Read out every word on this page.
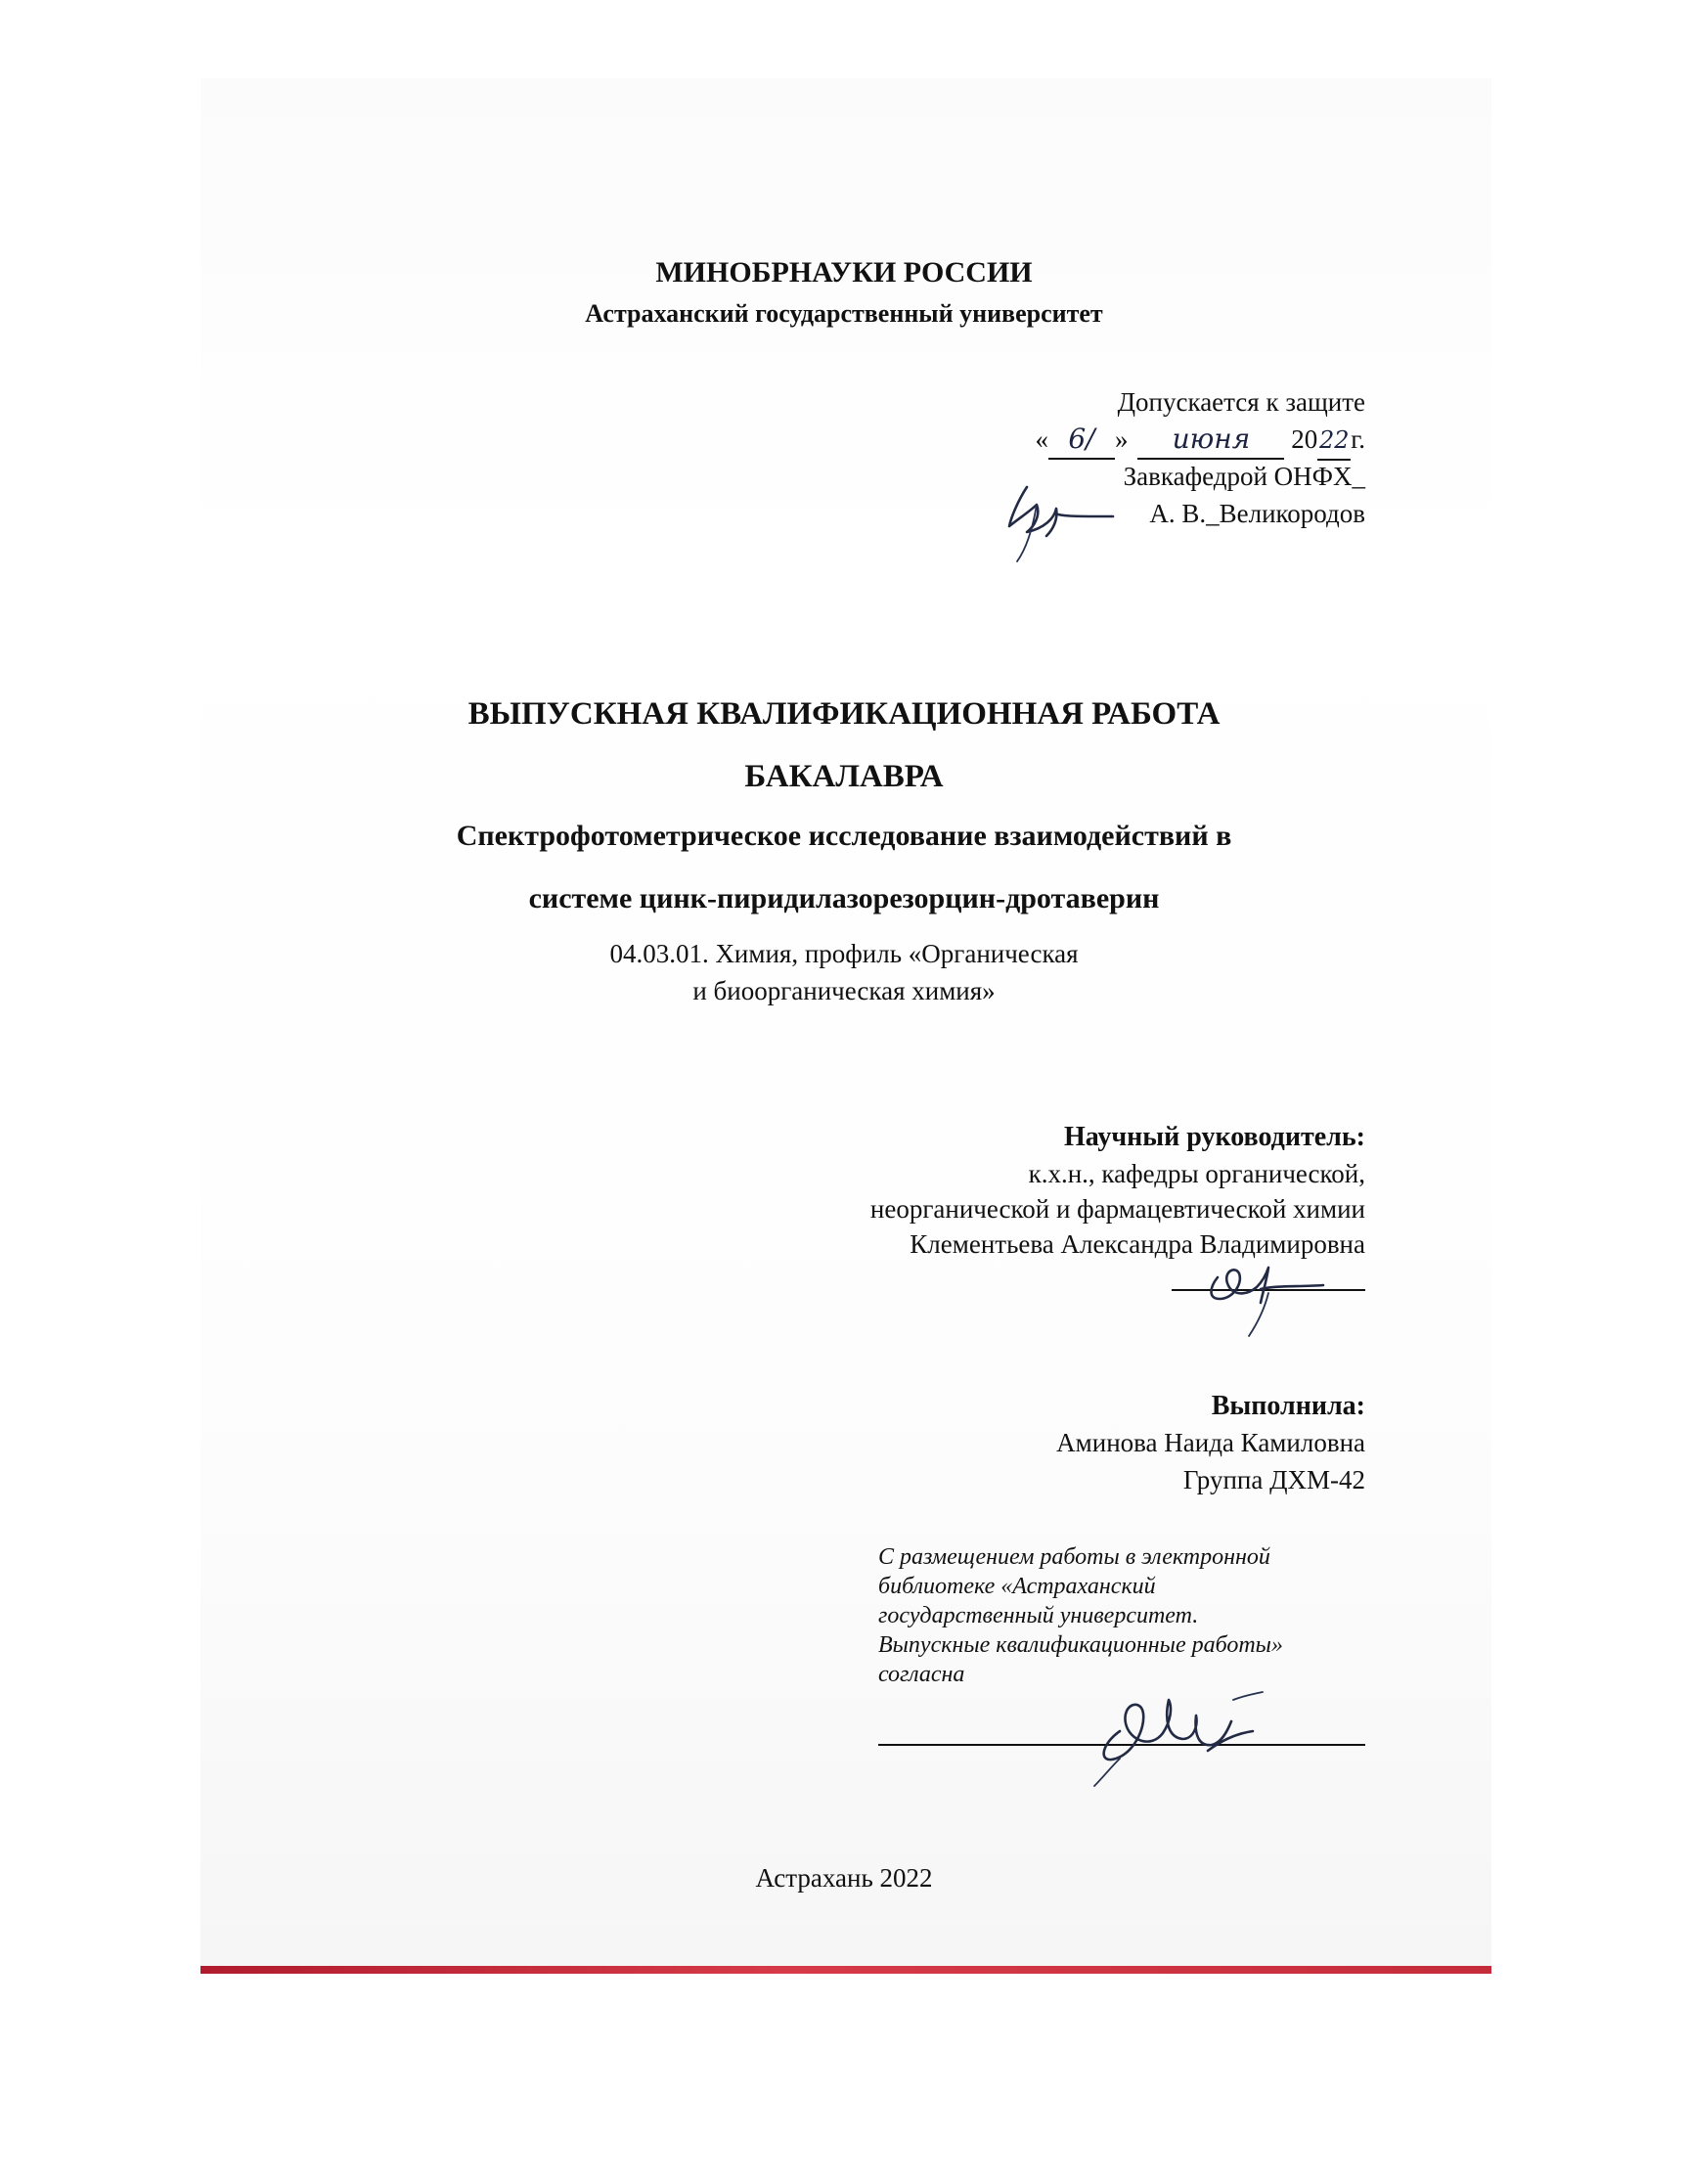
МИНОБРНАУКИ РОССИИ
Астраханский государственный университет
Допускается к защите
« 6/ » июня 2022г.
Завкафедрой ОНФХ_
А. В._Великородов
ВЫПУСКНАЯ КВАЛИФИКАЦИОННАЯ РАБОТА
БАКАЛАВРА
Спектрофотометрическое исследование взаимодействий в
системе цинк-пиридилазорезорцин-дротаверин
04.03.01. Химия, профиль «Органическая
и биоорганическая химия»
Научный руководитель:
к.х.н., кафедры органической,
неорганической и фармацевтической химии
Клементьева Александра Владимировна
Выполнила:
Аминова Наида Камиловна
Группа ДХМ-42
С размещением работы в электронной
библиотеке «Астраханский
государственный университет.
Выпускные квалификационные работы»
согласна
Астрахань 2022
